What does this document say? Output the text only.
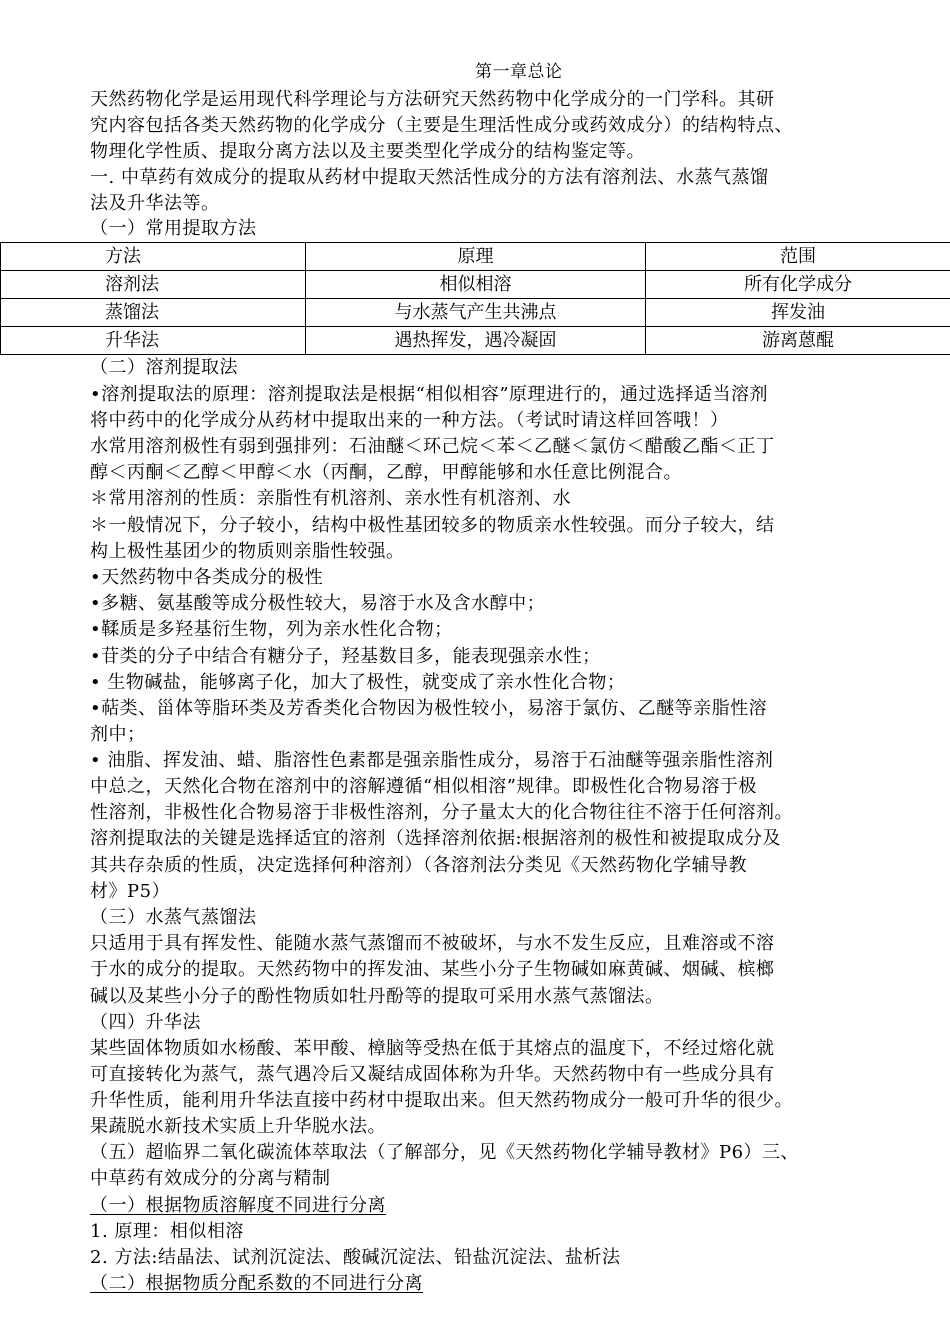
第一章总论
天然药物化学是运用现代科学理论与方法研究天然药物中化学成分的一门学科。其研
究内容包括各类天然药物的化学成分（主要是生理活性成分或药效成分）的结构特点、
物理化学性质、提取分离方法以及主要类型化学成分的结构鉴定等。
一. 中草药有效成分的提取从药材中提取天然活性成分的方法有溶剂法、水蒸气蒸馏
法及升华法等。
（一）常用提取方法
方法	原理	范围
溶剂法	相似相溶	所有化学成分
蒸馏法	与水蒸气产生共沸点	挥发油
升华法	遇热挥发，遇冷凝固	游离蒽醌
（二）溶剂提取法
•溶剂提取法的原理：溶剂提取法是根据“相似相容”原理进行的，通过选择适当溶剂
将中药中的化学成分从药材中提取出来的一种方法。（考试时请这样回答哦！）
水常用溶剂极性有弱到强排列：石油醚＜环己烷＜苯＜乙醚＜氯仿＜醋酸乙酯＜正丁
醇＜丙酮＜乙醇＜甲醇＜水（丙酮，乙醇，甲醇能够和水任意比例混合。
＊常用溶剂的性质：亲脂性有机溶剂、亲水性有机溶剂、水
＊一般情况下，分子较小，结构中极性基团较多的物质亲水性较强。而分子较大，结
构上极性基团少的物质则亲脂性较强。
•天然药物中各类成分的极性
•多糖、氨基酸等成分极性较大，易溶于水及含水醇中；
•鞣质是多羟基衍生物，列为亲水性化合物；
•苷类的分子中结合有糖分子，羟基数目多，能表现强亲水性；
• 生物碱盐，能够离子化，加大了极性，就变成了亲水性化合物；
•萜类、甾体等脂环类及芳香类化合物因为极性较小，易溶于氯仿、乙醚等亲脂性溶
剂中；
• 油脂、挥发油、蜡、脂溶性色素都是强亲脂性成分，易溶于石油醚等强亲脂性溶剂
中总之，天然化合物在溶剂中的溶解遵循“相似相溶”规律。即极性化合物易溶于极
性溶剂，非极性化合物易溶于非极性溶剂，分子量太大的化合物往往不溶于任何溶剂。
溶剂提取法的关键是选择适宜的溶剂（选择溶剂依据:根据溶剂的极性和被提取成分及
其共存杂质的性质，决定选择何种溶剂）（各溶剂法分类见《天然药物化学辅导教
材》P5）
（三）水蒸气蒸馏法
只适用于具有挥发性、能随水蒸气蒸馏而不被破坏，与水不发生反应，且难溶或不溶
于水的成分的提取。天然药物中的挥发油、某些小分子生物碱如麻黄碱、烟碱、槟榔
碱以及某些小分子的酚性物质如牡丹酚等的提取可采用水蒸气蒸馏法。
（四）升华法
某些固体物质如水杨酸、苯甲酸、樟脑等受热在低于其熔点的温度下，不经过熔化就
可直接转化为蒸气，蒸气遇冷后又凝结成固体称为升华。天然药物中有一些成分具有
升华性质，能利用升华法直接中药材中提取出来。但天然药物成分一般可升华的很少。
果蔬脱水新技术实质上升华脱水法。
（五）超临界二氧化碳流体萃取法（了解部分，见《天然药物化学辅导教材》P6）三、
中草药有效成分的分离与精制
（一）根据物质溶解度不同进行分离
1. 原理：相似相溶
2. 方法:结晶法、试剂沉淀法、酸碱沉淀法、铅盐沉淀法、盐析法
（二）根据物质分配系数的不同进行分离
